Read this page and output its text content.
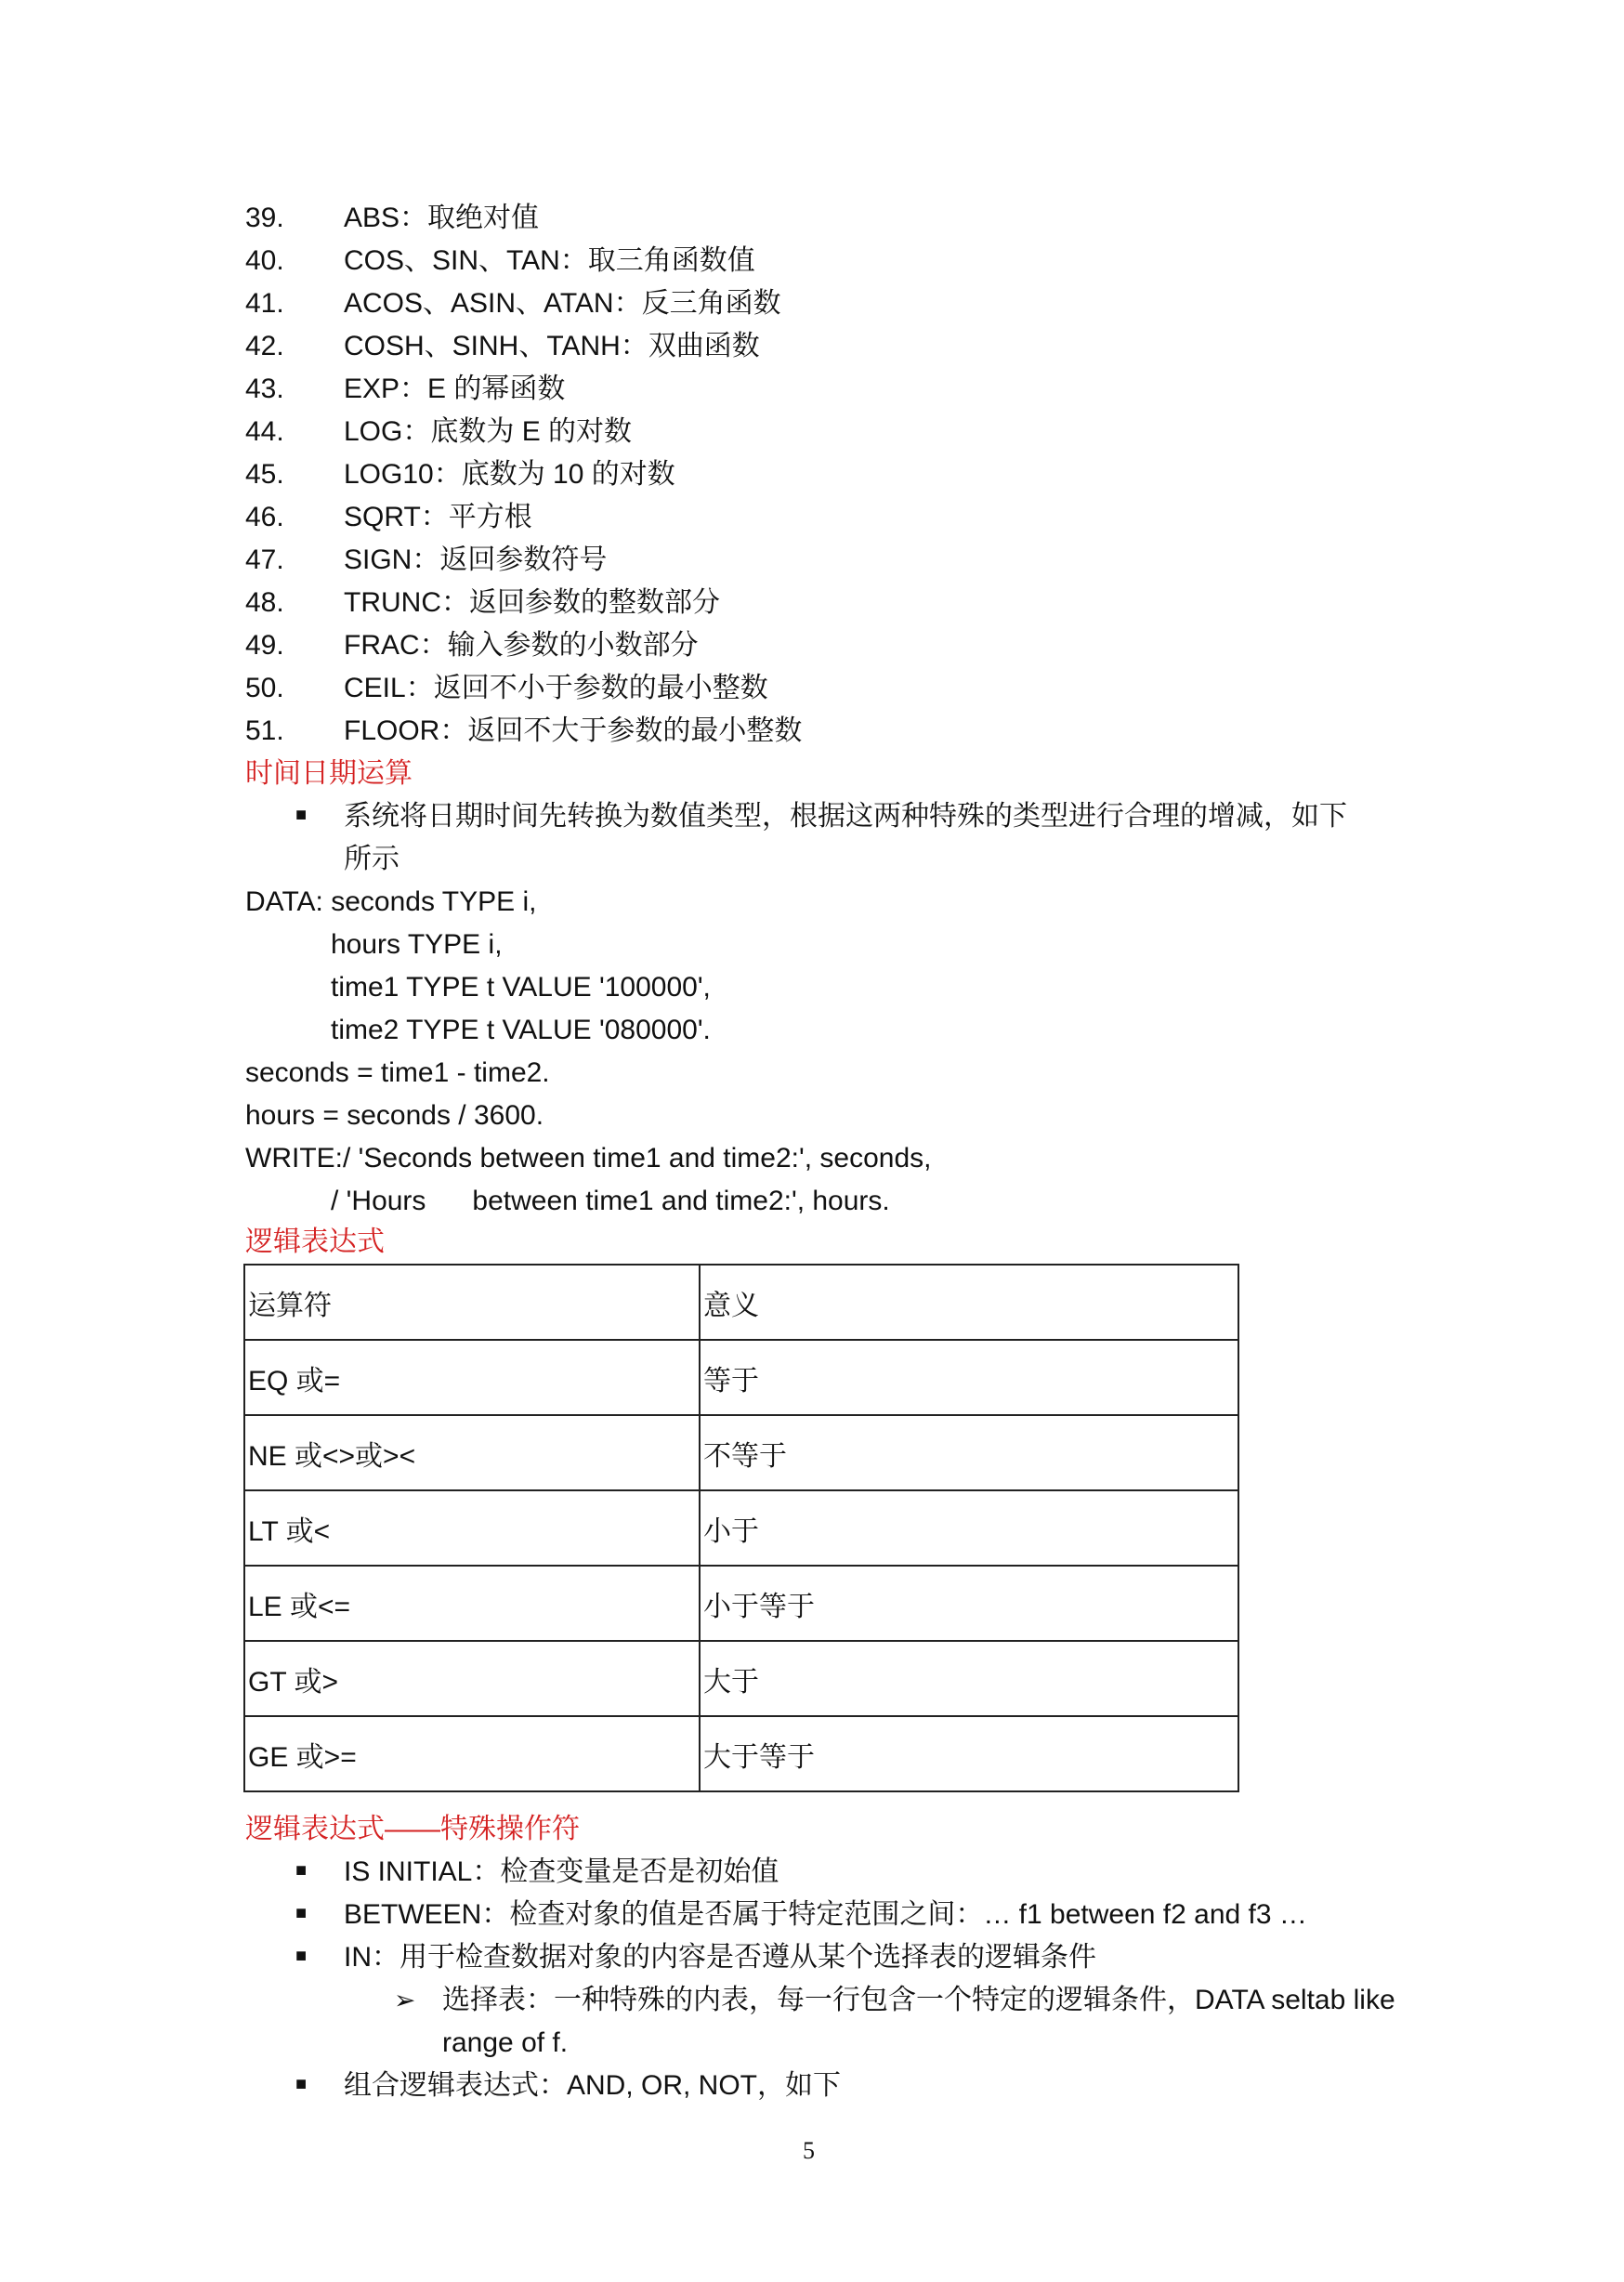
39.	ABS：取绝对值
40.	COS、SIN、TAN：取三角函数值
41.	ACOS、ASIN、ATAN：反三角函数
42.	COSH、SINH、TANH：双曲函数
43.	EXP：E 的幂函数
44.	LOG：底数为 E 的对数
45.	LOG10：底数为 10 的对数
46.	SQRT：平方根
47.	SIGN：返回参数符号
48.	TRUNC：返回参数的整数部分
49.	FRAC：输入参数的小数部分
50.	CEIL：返回不小于参数的最小整数
51.	FLOOR：返回不大于参数的最小整数
时间日期运算
■ 系统将日期时间先转换为数值类型，根据这两种特殊的类型进行合理的增减，如下
所示
DATA: seconds TYPE i,
hours TYPE i,
time1 TYPE t VALUE '100000',
time2 TYPE t VALUE '080000'.
seconds = time1 - time2.
hours = seconds / 3600.
WRITE:/ 'Seconds between time1 and time2:', seconds,
/ 'Hours      between time1 and time2:', hours.
逻辑表达式
运算符	意义
EQ 或=	等于
NE 或<>或><	不等于
LT 或<	小于
LE 或<=	小于等于
GT 或>	大于
GE 或>=	大于等于
逻辑表达式——特殊操作符
■ IS INITIAL：检查变量是否是初始值
■ BETWEEN：检查对象的值是否属于特定范围之间：… f1 between f2 and f3 …
■ IN：用于检查数据对象的内容是否遵从某个选择表的逻辑条件
➢ 选择表：一种特殊的内表，每一行包含一个特定的逻辑条件，DATA seltab like
range of f.
■ 组合逻辑表达式：AND, OR, NOT，如下
5
